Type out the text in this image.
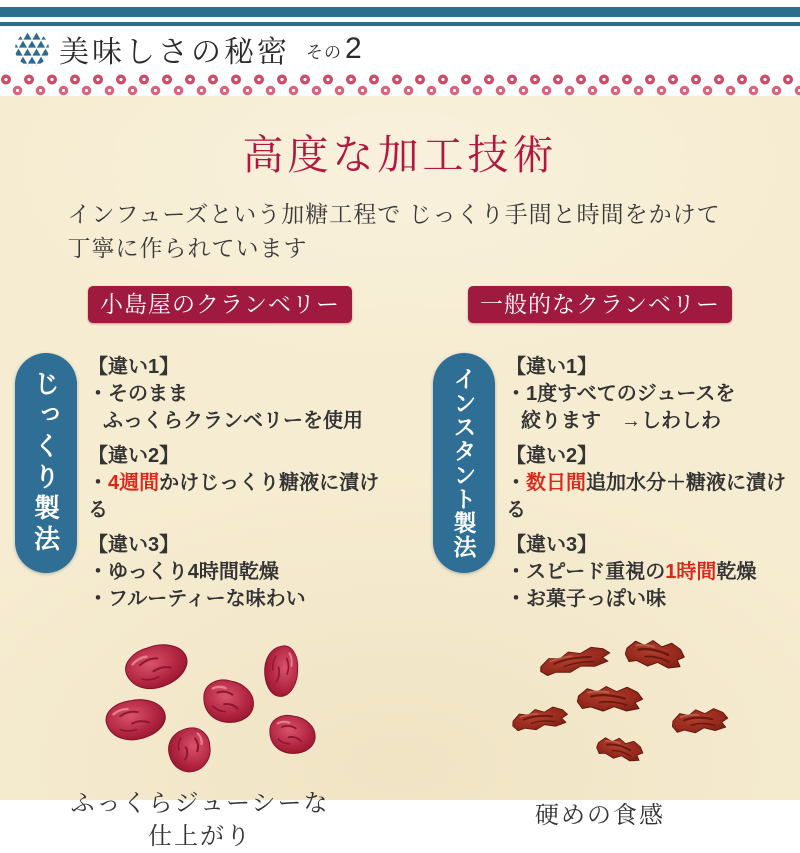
美味しさの秘密 その 2
高度な加工技術

インフューズという加糖工程で じっくり手間と時間をかけて
丁寧に作られています

小島屋のクランベリー
じっくり製法
【違い1】
・そのまま
ふっくらクランベリーを使用
【違い2】
・4週間かけじっくり糖液に漬ける
【違い3】
・ゆっくり4時間乾燥
・フルーティーな味わい
ふっくらジューシーな
仕上がり
一般的なクランベリー
インスタント製法 【違い1】
・1度すべてのジュースを
絞ります　→しわしわ
【違い2】
・数日間追加水分＋糖液に漬ける
【違い3】
・スピード重視の1時間乾燥
・お菓子っぽい味
硬めの食感
